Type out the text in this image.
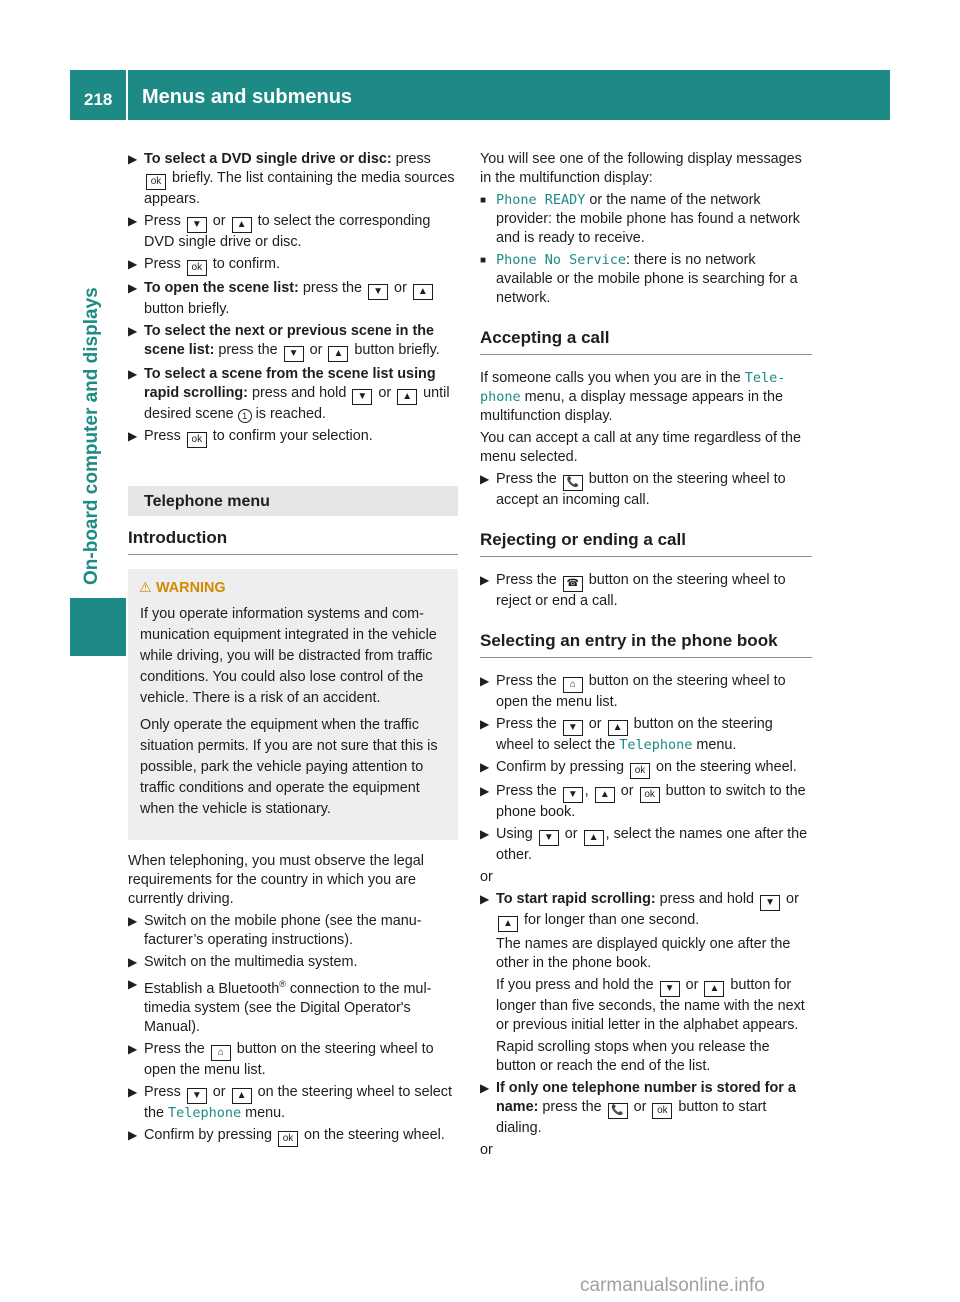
218 Menus and submenus
On-board computer and displays
▶ To select a DVD single drive or disc: press ok briefly. The list containing the media sources appears.
▶ Press ▼ or ▲ to select the corresponding DVD single drive or disc.
▶ Press ok to confirm.
▶ To open the scene list: press the ▼ or ▲ button briefly.
▶ To select the next or previous scene in the scene list: press the ▼ or ▲ button briefly.
▶ To select a scene from the scene list using rapid scrolling: press and hold ▼ or ▲ until desired scene 1 is reached.
▶ Press ok to confirm your selection.
Telephone menu
Introduction
⚠ WARNING

If you operate information systems and communication equipment integrated in the vehicle while driving, you will be distracted from traffic conditions. You could also lose control of the vehicle. There is a risk of an accident.

Only operate the equipment when the traffic situation permits. If you are not sure that this is possible, park the vehicle paying attention to traffic conditions and operate the equipment when the vehicle is stationary.

When telephoning, you must observe the legal requirements for the country in which you are currently driving.
▶ Switch on the mobile phone (see the manufacturer’s operating instructions).
▶ Switch on the multimedia system.
▶ Establish a Bluetooth® connection to the multimedia system (see the Digital Operator's Manual).
▶ Press the ⌂ button on the steering wheel to open the menu list.
▶ Press ▼ or ▲ on the steering wheel to select the Telephone menu.
▶ Confirm by pressing ok on the steering wheel.
You will see one of the following display messages in the multifunction display:
■ Phone READY or the name of the network provider: the mobile phone has found a network and is ready to receive.
■ Phone No Service: there is no network available or the mobile phone is searching for a network.
Accepting a call
If someone calls you when you are in the Telephone menu, a display message appears in the multifunction display.
You can accept a call at any time regardless of the menu selected.
▶ Press the 📞 button on the steering wheel to accept an incoming call.
Rejecting or ending a call
▶ Press the ☎ button on the steering wheel to reject or end a call.
Selecting an entry in the phone book
▶ Press the ⌂ button on the steering wheel to open the menu list.
▶ Press the ▼ or ▲ button on the steering wheel to select the Telephone menu.
▶ Confirm by pressing ok on the steering wheel.
▶ Press the ▼ , ▲ or ok button to switch to the phone book.
▶ Using ▼ or ▲ , select the names one after the other.
or
▶ To start rapid scrolling: press and hold ▼ or ▲ for longer than one second.
The names are displayed quickly one after the other in the phone book.
If you press and hold the ▼ or ▲ button for longer than five seconds, the name with the next or previous initial letter in the alphabet appears.
Rapid scrolling stops when you release the button or reach the end of the list.
▶ If only one telephone number is stored for a name: press the 📞 or ok button to start dialing.
or
carmanualsonline.info
